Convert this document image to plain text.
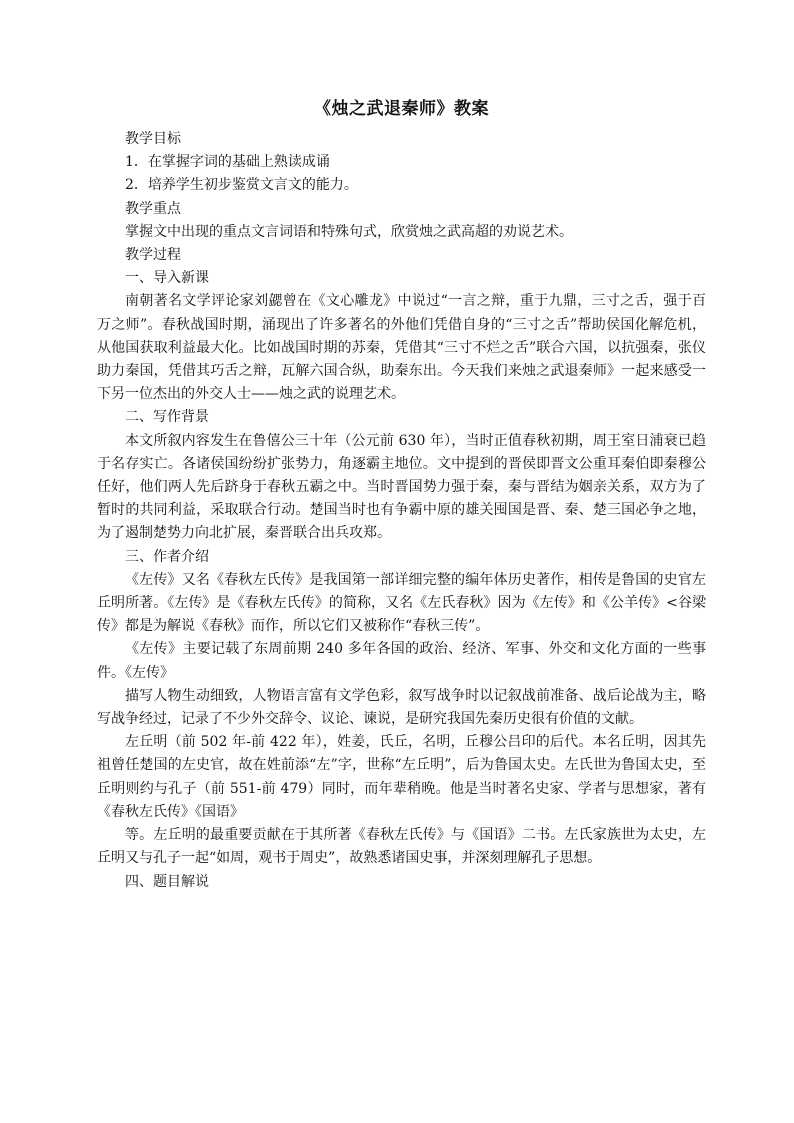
《烛之武退秦师》教案

教学目标

1．在掌握字词的基础上熟读成诵

2．培养学生初步鉴赏文言文的能力。

教学重点

掌握文中出现的重点文言词语和特殊句式，欣赏烛之武高超的劝说艺术。

教学过程

一、导入新课

南朝著名文学评论家刘勰曾在《文心雕龙》中说过“一言之辩，重于九鼎，三寸之舌，强于百万之师”。春秋战国时期，涌现出了许多著名的外他们凭借自身的“三寸之舌”帮助侯国化解危机，从他国获取利益最大化。比如战国时期的苏秦，凭借其“三寸不烂之舌”联合六国，以抗强秦，张仪助力秦国，凭借其巧舌之辩，瓦解六国合纵，助秦东出。今天我们来烛之武退秦师》一起来感受一下另一位杰出的外交人士——烛之武的说理艺术。

二、写作背景

本文所叙内容发生在鲁僖公三十年（公元前 630 年），当时正值春秋初期，周王室日浦衰已趋于名存实亡。各诸侯国纷纷扩张势力，角逐霸主地位。文中提到的晋侯即晋文公重耳秦伯即秦穆公任好，他们两人先后跻身于春秋五霸之中。当时晋国势力强于秦，秦与晋结为姻亲关系，双方为了暂时的共同利益，采取联合行动。楚国当时也有争霸中原的雄关囤国是晋、秦、楚三国必争之地，为了遏制楚势力向北扩展，秦晋联合出兵攻郑。

三、作者介绍

《左传》又名《春秋左氏传》是我国第一部详细完整的编年体历史著作，相传是鲁国的史官左丘明所著。《左传》是《春秋左氏传》的简称，又名《左氏春秋》因为《左传》和《公羊传》<谷梁传》都是为解说《春秋》而作，所以它们又被称作“春秋三传”。

《左传》主要记载了东周前期 240 多年各国的政治、经济、军事、外交和文化方面的一些事件。《左传》

描写人物生动细致，人物语言富有文学色彩，叙写战争时以记叙战前准备、战后论战为主，略写战争经过，记录了不少外交辞令、议论、谏说，是研究我国先秦历史很有价值的文献。

左丘明（前 502 年-前 422 年），姓姜，氏丘，名明，丘穆公吕印的后代。本名丘明，因其先祖曾任楚国的左史官，故在姓前添“左”字，世称“左丘明”，后为鲁国太史。左氏世为鲁国太史，至丘明则约与孔子（前 551-前 479）同时，而年辈稍晚。他是当时著名史家、学者与思想家，著有《春秋左氏传》《国语》

等。左丘明的最重要贡献在于其所著《春秋左氏传》与《国语》二书。左氏家族世为太史，左丘明又与孔子一起“如周，观书于周史”，故熟悉诸国史事，并深刻理解孔子思想。

四、题目解说
